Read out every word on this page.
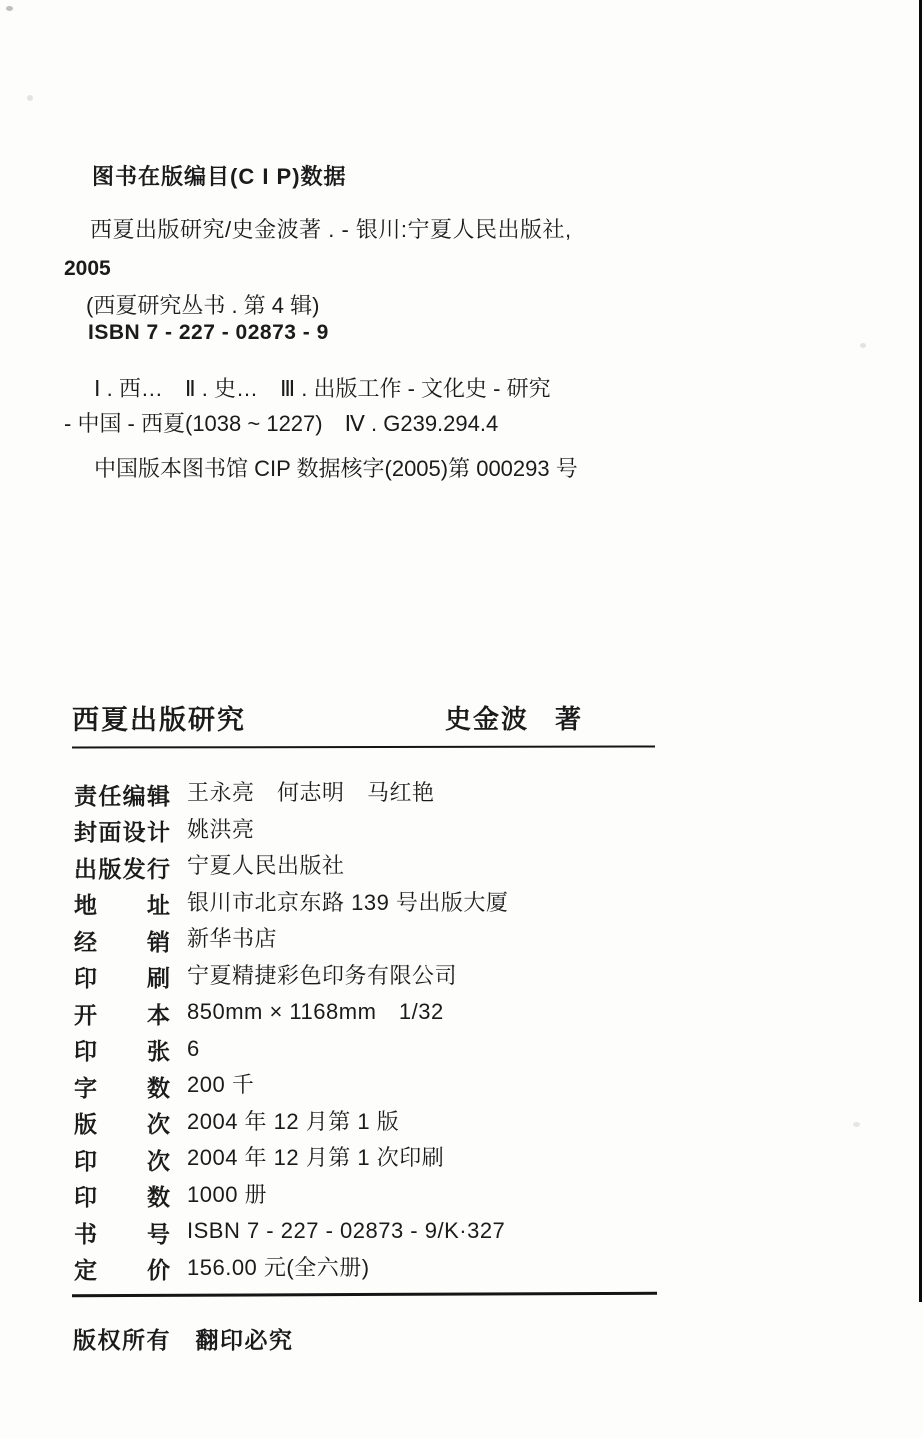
图书在版编目(C I P)数据
西夏出版研究/史金波著 . - 银川:宁夏人民出版社,
2005
(西夏研究丛书 . 第 4 辑)
ISBN 7 - 227 - 02873 - 9
Ⅰ . 西…　Ⅱ . 史…　Ⅲ . 出版工作 - 文化史 - 研究
- 中国 - 西夏(1038 ~ 1227)　Ⅳ . G239.294.4
中国版本图书馆 CIP 数据核字(2005)第 000293 号
西夏出版研究	史金波 著
责任编辑 王永亮　何志明　马红艳
封面设计 姚洪亮
出版发行 宁夏人民出版社
地址 银川市北京东路 139 号出版大厦
经销 新华书店
印刷 宁夏精捷彩色印务有限公司
开本 850mm × 1168mm　1/32
印张 6
字数 200 千
版次 2004 年 12 月第 1 版
印次 2004 年 12 月第 1 次印刷
印数 1000 册
书号 ISBN 7 - 227 - 02873 - 9/K·327
定价 156.00 元(全六册)
版权所有　翻印必究
